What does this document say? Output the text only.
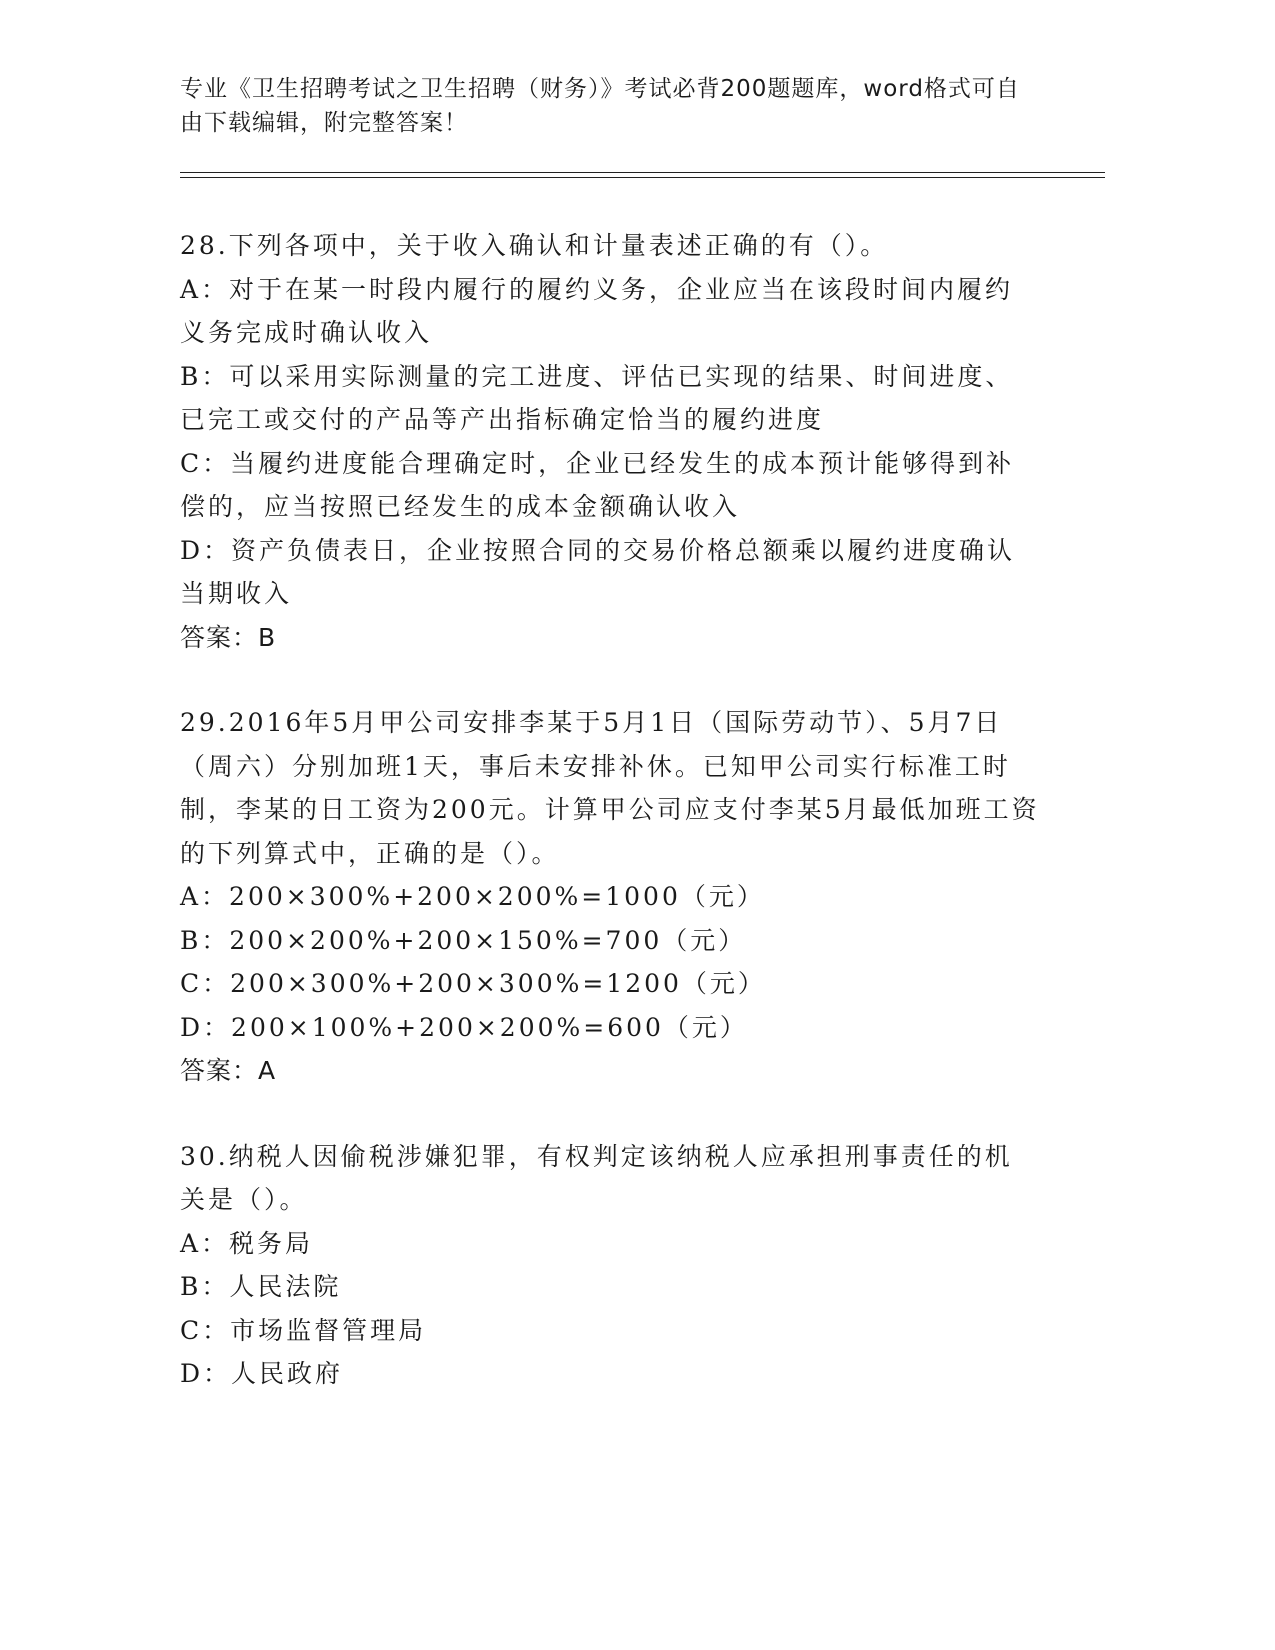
专业《卫生招聘考试之卫生招聘（财务）》考试必背200题题库，word格式可自
由下载编辑，附完整答案！

28.下列各项中，关于收入确认和计量表述正确的有（）。

A：对于在某一时段内履行的履约义务，企业应当在该段时间内履约义务完成时确认收入

B：可以采用实际测量的完工进度、评估已实现的结果、时间进度、已完工或交付的产品等产出指标确定恰当的履约进度

C：当履约进度能合理确定时，企业已经发生的成本预计能够得到补偿的，应当按照已经发生的成本金额确认收入

D：资产负债表日，企业按照合同的交易价格总额乘以履约进度确认当期收入

答案：B

29.2016年5月甲公司安排李某于5月1日（国际劳动节）、5月7日（周六）分别加班1天，事后未安排补休。已知甲公司实行标准工时制，李某的日工资为200元。计算甲公司应支付李某5月最低加班工资的下列算式中，正确的是（）。

A：200×300%+200×200%=1000（元）

B：200×200%+200×150%=700（元）

C：200×300%+200×300%=1200（元）

D：200×100%+200×200%=600（元）

答案：A

30.纳税人因偷税涉嫌犯罪，有权判定该纳税人应承担刑事责任的机关是（）。

A：税务局

B：人民法院

C：市场监督管理局

D：人民政府
